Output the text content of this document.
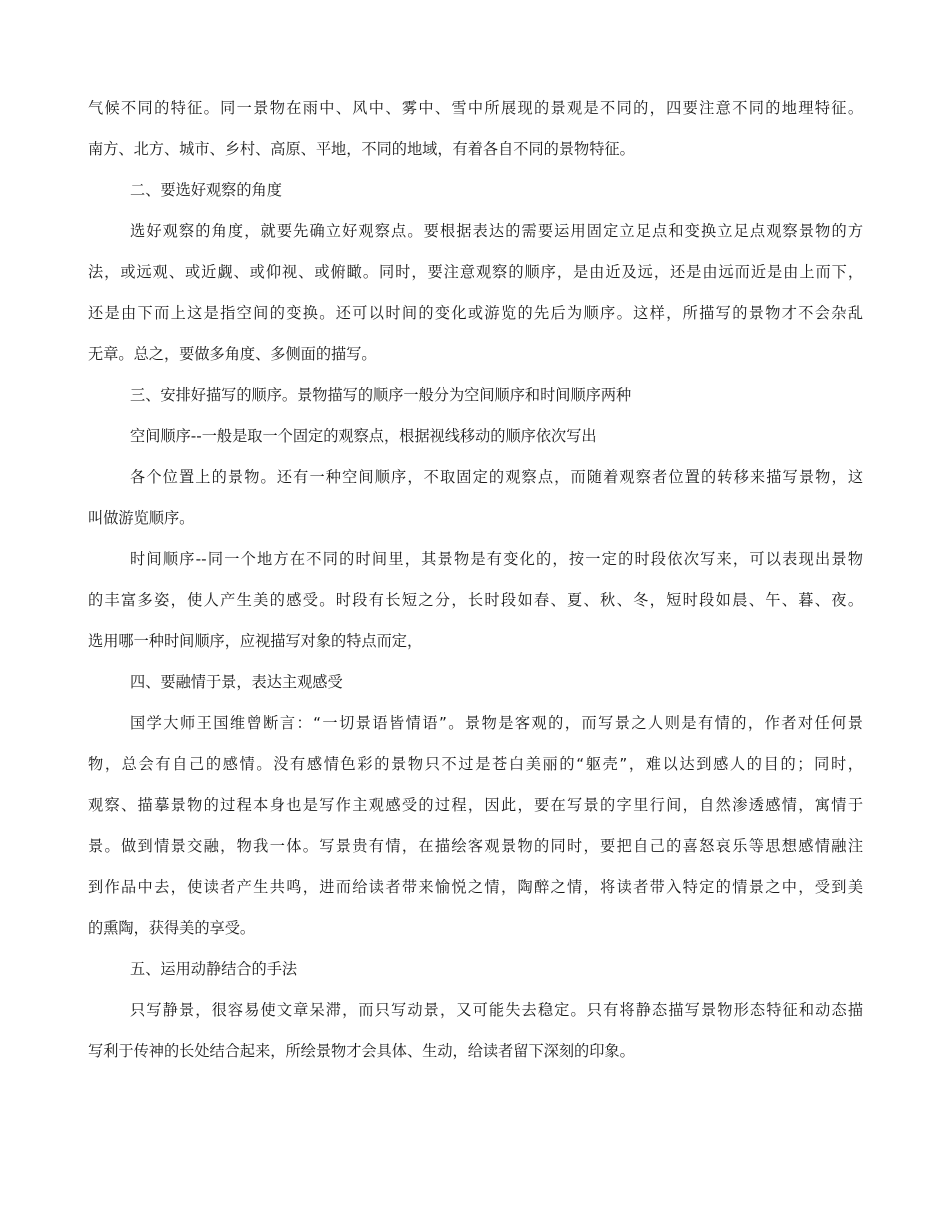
气候不同的特征。同一景物在雨中、风中、雾中、雪中所展现的景观是不同的，四要注意不同的地理特征。
南方、北方、城市、乡村、高原、平地，不同的地域，有着各自不同的景物特征。
二、要选好观察的角度
选好观察的角度，就要先确立好观察点。要根据表达的需要运用固定立足点和变换立足点观察景物的方
法，或远观、或近觑、或仰视、或俯瞰。同时，要注意观察的顺序，是由近及远，还是由远而近是由上而下，
还是由下而上这是指空间的变换。还可以时间的变化或游览的先后为顺序。这样，所描写的景物才不会杂乱
无章。总之，要做多角度、多侧面的描写。
三、安排好描写的顺序。景物描写的顺序一般分为空间顺序和时间顺序两种
空间顺序--一般是取一个固定的观察点，根据视线移动的顺序依次写出
各个位置上的景物。还有一种空间顺序，不取固定的观察点，而随着观察者位置的转移来描写景物，这
叫做游览顺序。
时间顺序--同一个地方在不同的时间里，其景物是有变化的，按一定的时段依次写来，可以表现出景物
的丰富多姿，使人产生美的感受。时段有长短之分，长时段如春、夏、秋、冬，短时段如晨、午、暮、夜。
选用哪一种时间顺序，应视描写对象的特点而定，
四、要融情于景，表达主观感受
国学大师王国维曾断言：“一切景语皆情语”。景物是客观的，而写景之人则是有情的，作者对任何景
物，总会有自己的感情。没有感情色彩的景物只不过是苍白美丽的“躯壳”，难以达到感人的目的；同时，
观察、描摹景物的过程本身也是写作主观感受的过程，因此，要在写景的字里行间，自然渗透感情，寓情于
景。做到情景交融，物我一体。写景贵有情，在描绘客观景物的同时，要把自己的喜怒哀乐等思想感情融注
到作品中去，使读者产生共鸣，进而给读者带来愉悦之情，陶醉之情，将读者带入特定的情景之中，受到美
的熏陶，获得美的享受。
五、运用动静结合的手法
只写静景，很容易使文章呆滞，而只写动景，又可能失去稳定。只有将静态描写景物形态特征和动态描
写利于传神的长处结合起来，所绘景物才会具体、生动，给读者留下深刻的印象。
